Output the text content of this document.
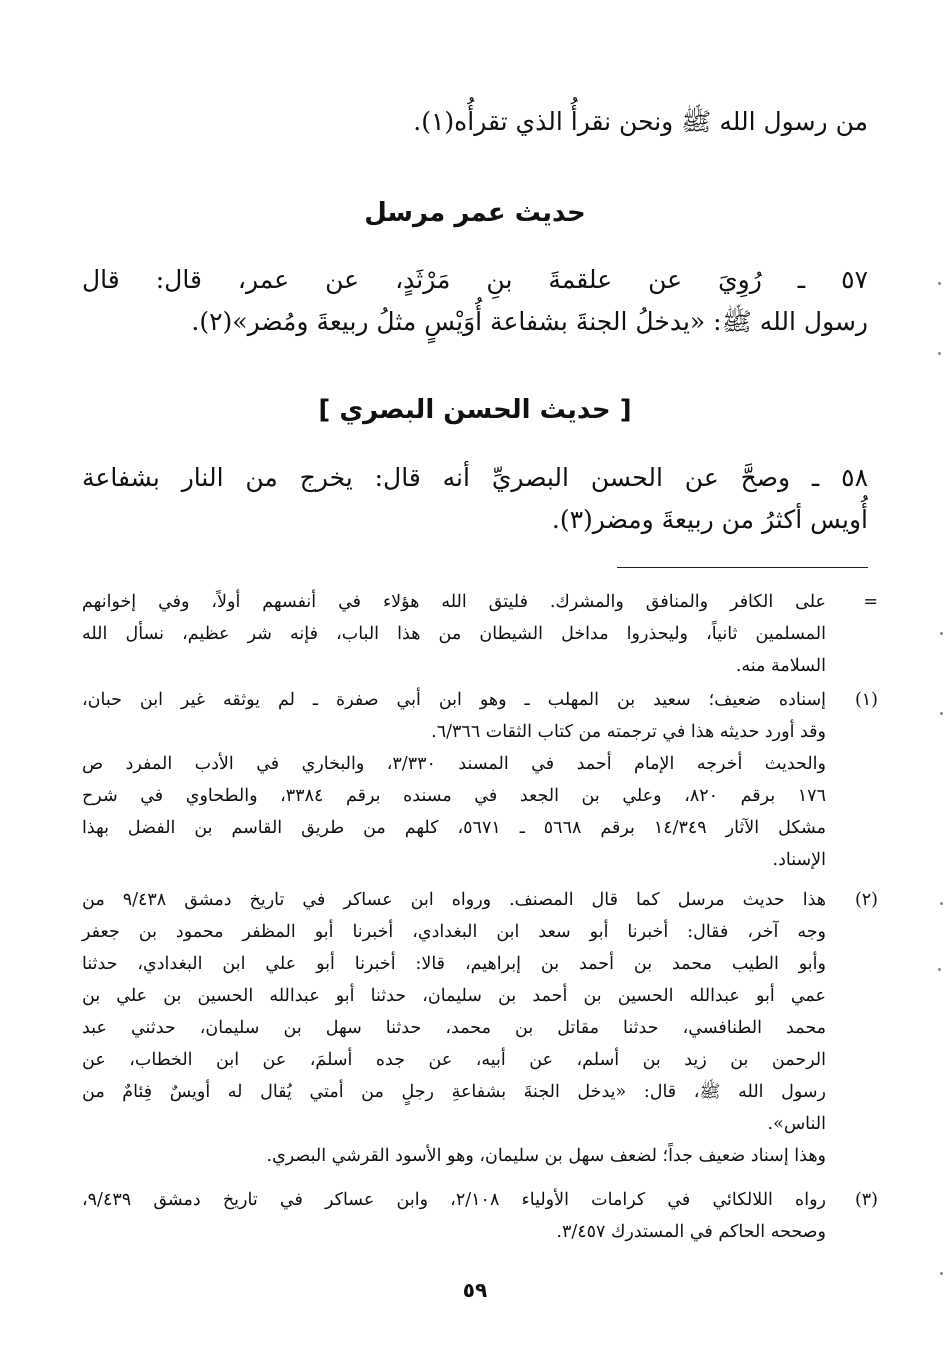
من رسول الله ﷺ ونحن نقرأُ الذي تقرأُه(١).
حديث عمر مرسل
٥٧ ـ رُوِيَ عن علقمةَ بنِ مَرْثَدٍ، عن عمر، قال: قال
رسول الله ﷺ: «يدخلُ الجنةَ بشفاعة أُوَيْسٍ مثلُ ربيعةَ ومُضر»(٢).
[ حديث الحسن البصري ]
٥٨ ـ وصحَّ عن الحسن البصريِّ أنه قال: يخرج من النار بشفاعة
أُويس أكثرُ من ربيعةَ ومضر(٣).
=
على الكافر والمنافق والمشرك. فليتق الله هؤلاء في أنفسهم أولاً، وفي إخوانهم
المسلمين ثانياً، وليحذروا مداخل الشيطان من هذا الباب، فإنه شر عظيم، نسأل الله
السلامة منه.
(١)
إسناده ضعيف؛ سعيد بن المهلب ـ وهو ابن أبي صفرة ـ لم يوثقه غير ابن حبان،
وقد أورد حديثه هذا في ترجمته من كتاب الثقات ٦/٣٦٦.
والحديث أخرجه الإمام أحمد في المسند ٣/٣٣٠، والبخاري في الأدب المفرد ص
١٧٦ برقم ٨٢٠، وعلي بن الجعد في مسنده برقم ٣٣٨٤، والطحاوي في شرح
مشكل الآثار ١٤/٣٤٩ برقم ٥٦٦٨ ـ ٥٦٧١، كلهم من طريق القاسم بن الفضل بهذا
الإسناد.
(٢)
هذا حديث مرسل كما قال المصنف. ورواه ابن عساكر في تاريخ دمشق ٩/٤٣٨ من
وجه آخر، فقال: أخبرنا أبو سعد ابن البغدادي، أخبرنا أبو المظفر محمود بن جعفر
وأبو الطيب محمد بن أحمد بن إبراهيم، قالا: أخبرنا أبو علي ابن البغدادي، حدثنا
عمي أبو عبدالله الحسين بن أحمد بن سليمان، حدثنا أبو عبدالله الحسين بن علي بن
محمد الطنافسي، حدثنا مقاتل بن محمد، حدثنا سهل بن سليمان، حدثني عبد
الرحمن بن زيد بن أسلم، عن أبيه، عن جده أسلمَ، عن ابن الخطاب، عن
رسول الله ﷺ، قال: «يدخل الجنةَ بشفاعةِ رجلٍ من أمتي يُقال له أويسٌ فِئامٌ من
الناس».
وهذا إسناد ضعيف جداً؛ لضعف سهل بن سليمان، وهو الأسود القرشي البصري.
(٣)
رواه اللالكائي في كرامات الأولياء ٢/١٠٨، وابن عساكر في تاريخ دمشق ٩/٤٣٩،
وصححه الحاكم في المستدرك ٣/٤٥٧.
٥٩
